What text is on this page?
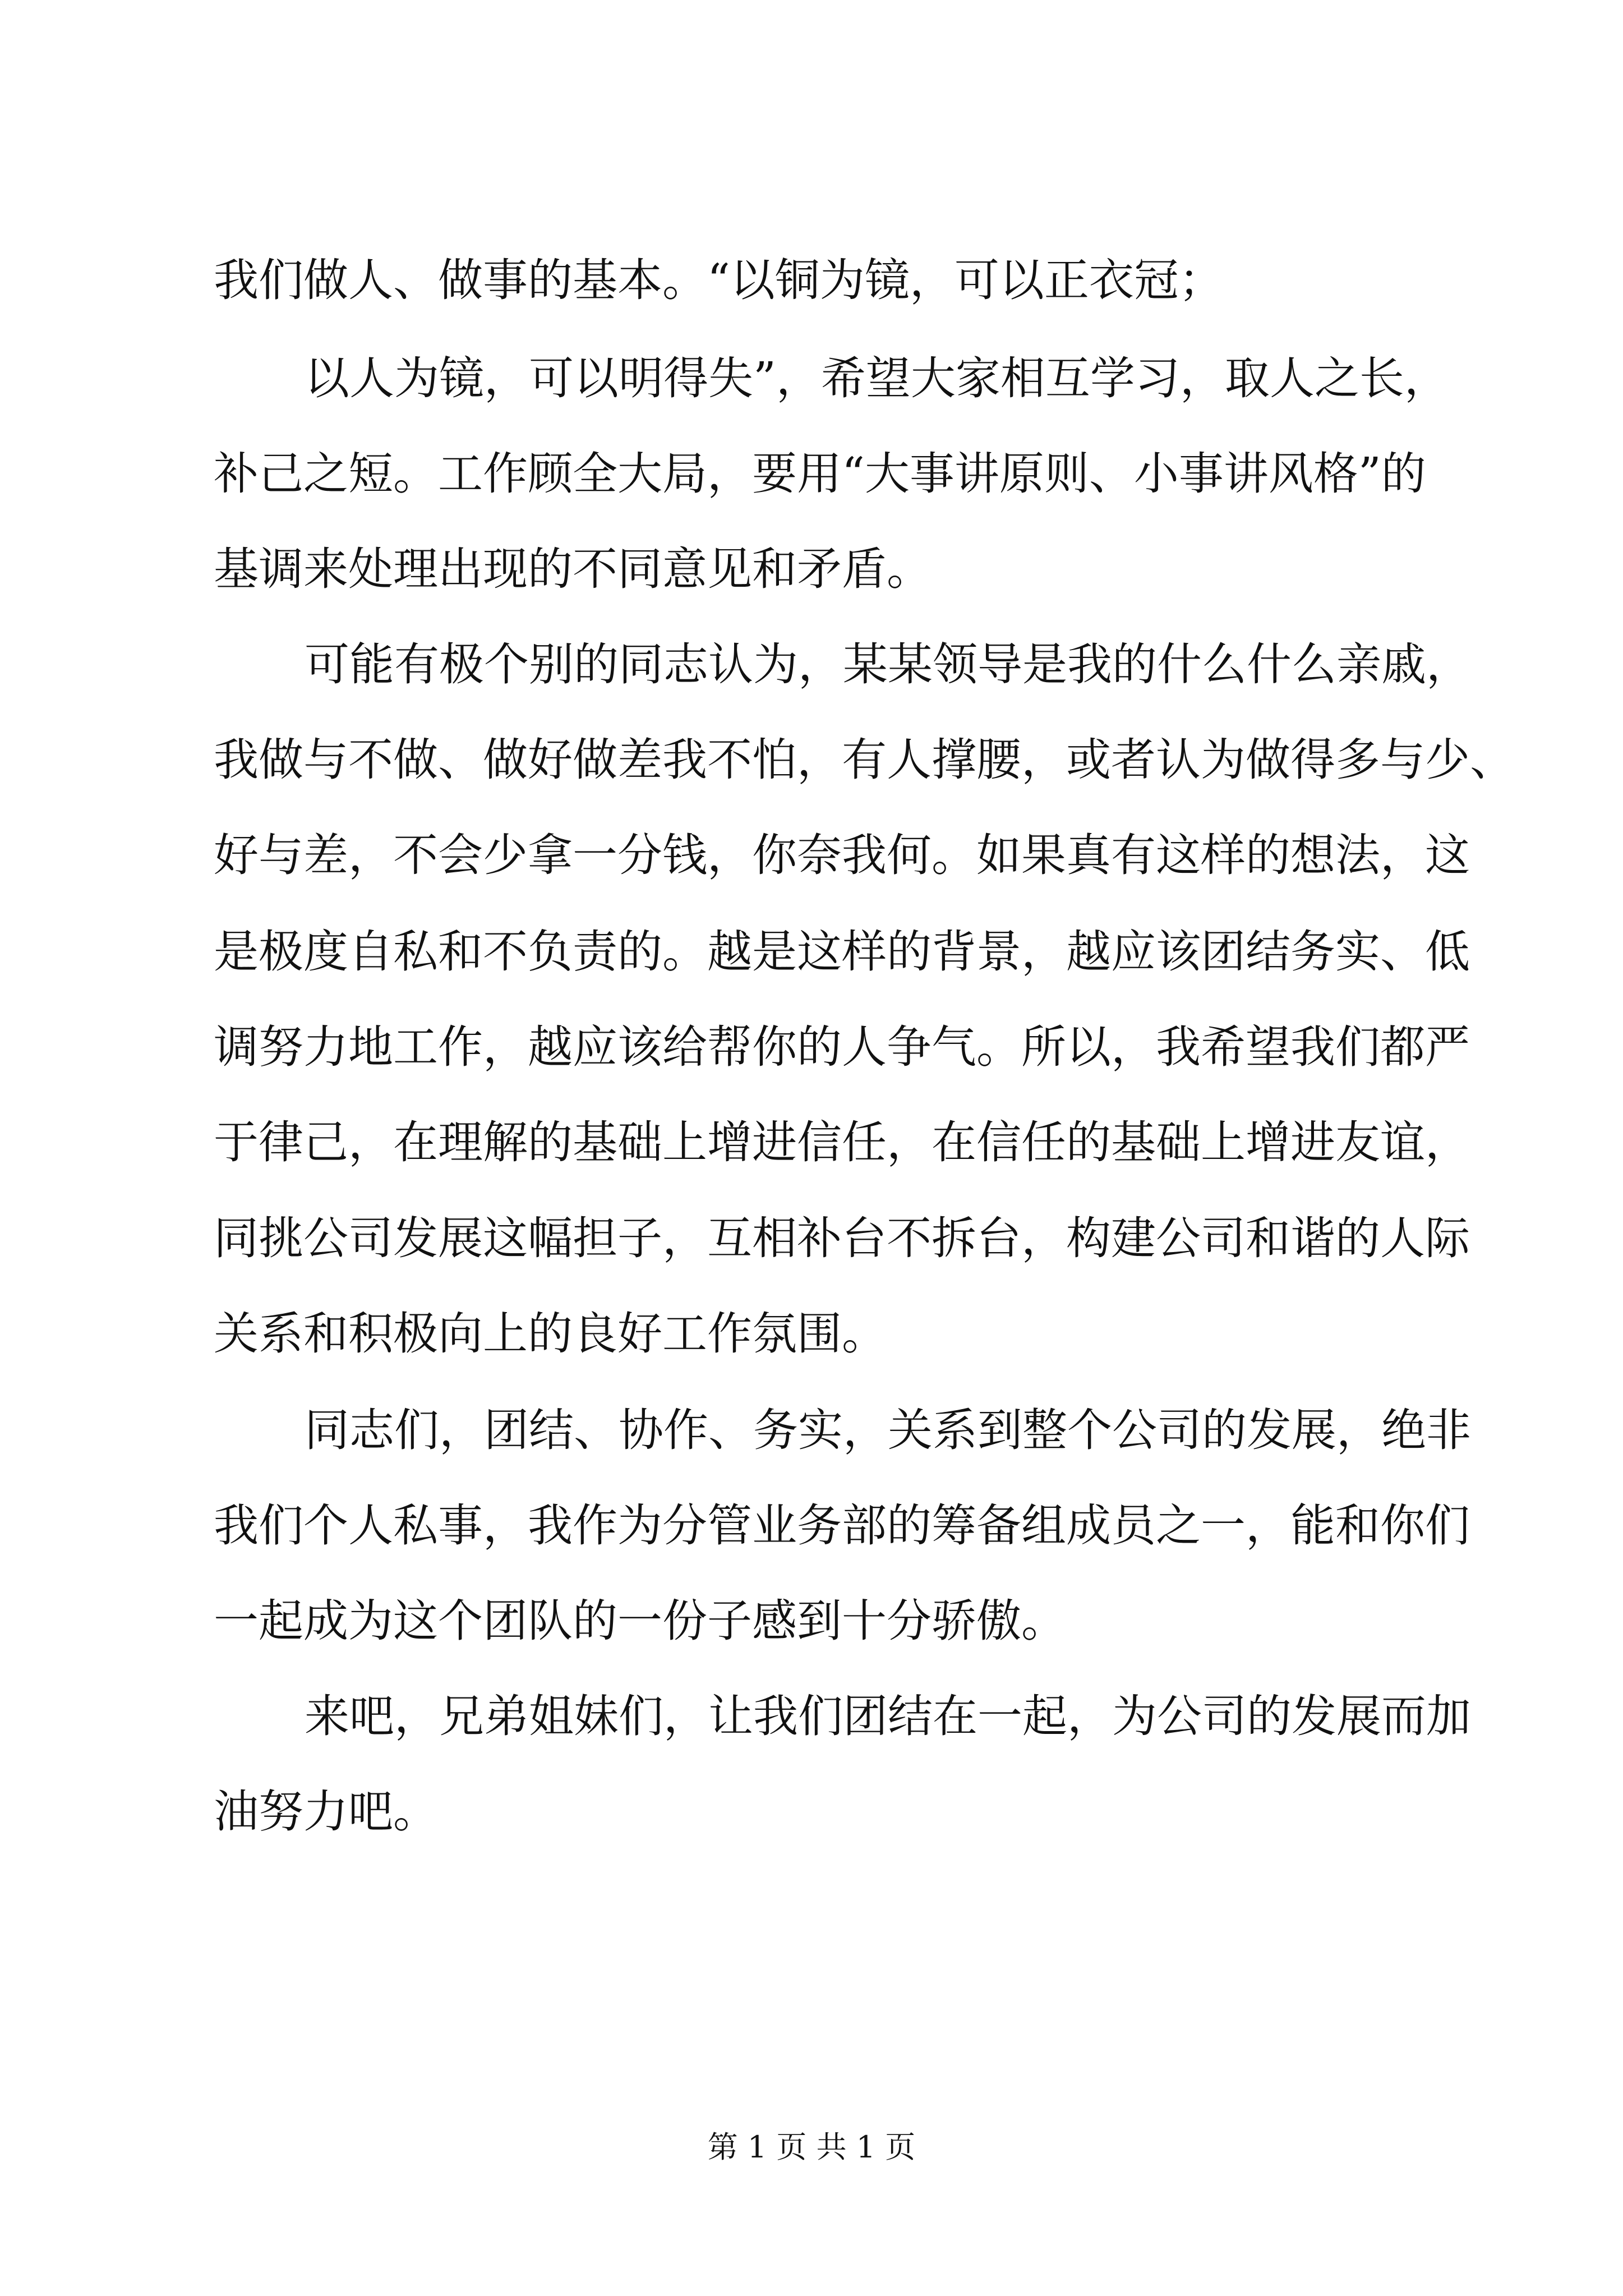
我们做人、做事的基本。“以铜为镜，可以正衣冠；
以人为镜，可以明得失”，希望大家相互学习，取人之长，
补己之短。工作顾全大局，要用“大事讲原则、小事讲风格”的
基调来处理出现的不同意见和矛盾。
可能有极个别的同志认为，某某领导是我的什么什么亲戚，
我做与不做、做好做差我不怕，有人撑腰，或者认为做得多与少、
好与差，不会少拿一分钱，你奈我何。如果真有这样的想法，这
是极度自私和不负责的。越是这样的背景，越应该团结务实、低
调努力地工作，越应该给帮你的人争气。所以，我希望我们都严
于律己，在理解的基础上增进信任，在信任的基础上增进友谊，
同挑公司发展这幅担子，互相补台不拆台，构建公司和谐的人际
关系和积极向上的良好工作氛围。
同志们，团结、协作、务实，关系到整个公司的发展，绝非
我们个人私事，我作为分管业务部的筹备组成员之一，能和你们
一起成为这个团队的一份子感到十分骄傲。
来吧，兄弟姐妹们，让我们团结在一起，为公司的发展而加
油努力吧。
第 1 页 共 1 页
